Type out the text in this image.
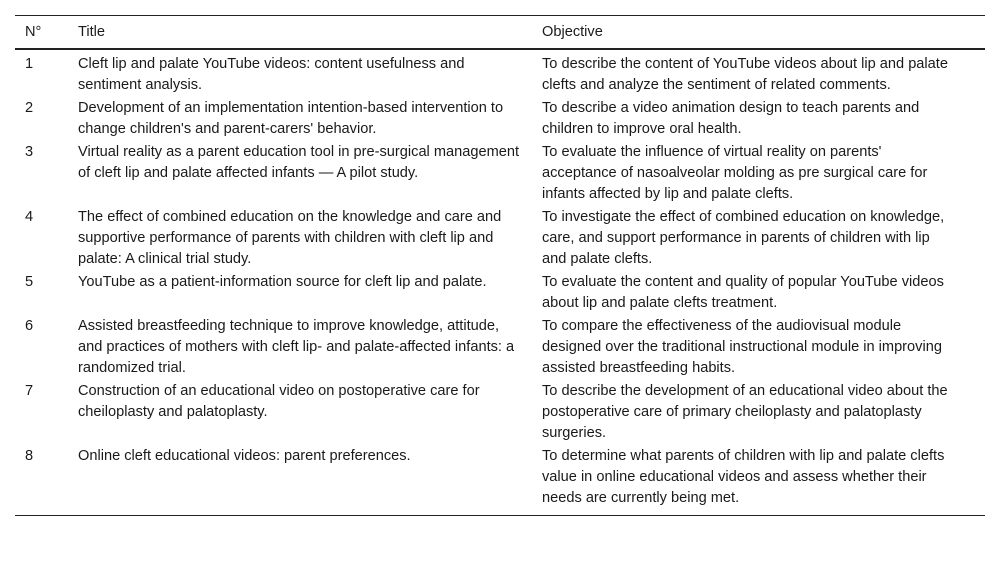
N°	Title	Objective
1	Cleft lip and palate YouTube videos: content usefulness and sentiment analysis.	To describe the content of YouTube videos about lip and palate clefts and analyze the sentiment of related comments.
2	Development of an implementation intention-based intervention to change children's and parent-carers' behavior.	To describe a video animation design to teach parents and children to improve oral health.
3	Virtual reality as a parent education tool in pre-surgical management of cleft lip and palate affected infants — A pilot study.	To evaluate the influence of virtual reality on parents' acceptance of nasoalveolar molding as pre surgical care for infants affected by lip and palate clefts.
4	The effect of combined education on the knowledge and care and supportive performance of parents with children with cleft lip and palate: A clinical trial study.	To investigate the effect of combined education on knowledge, care, and support performance in parents of children with lip and palate clefts.
5	YouTube as a patient-information source for cleft lip and palate.	To evaluate the content and quality of popular YouTube videos about lip and palate clefts treatment.
6	Assisted breastfeeding technique to improve knowledge, attitude, and practices of mothers with cleft lip- and palate-affected infants: a randomized trial.	To compare the effectiveness of the audiovisual module designed over the traditional instructional module in improving assisted breastfeeding habits.
7	Construction of an educational video on postoperative care for cheiloplasty and palatoplasty.	To describe the development of an educational video about the postoperative care of primary cheiloplasty and palatoplasty surgeries.
8	Online cleft educational videos: parent preferences.	To determine what parents of children with lip and palate clefts value in online educational videos and assess whether their needs are currently being met.
